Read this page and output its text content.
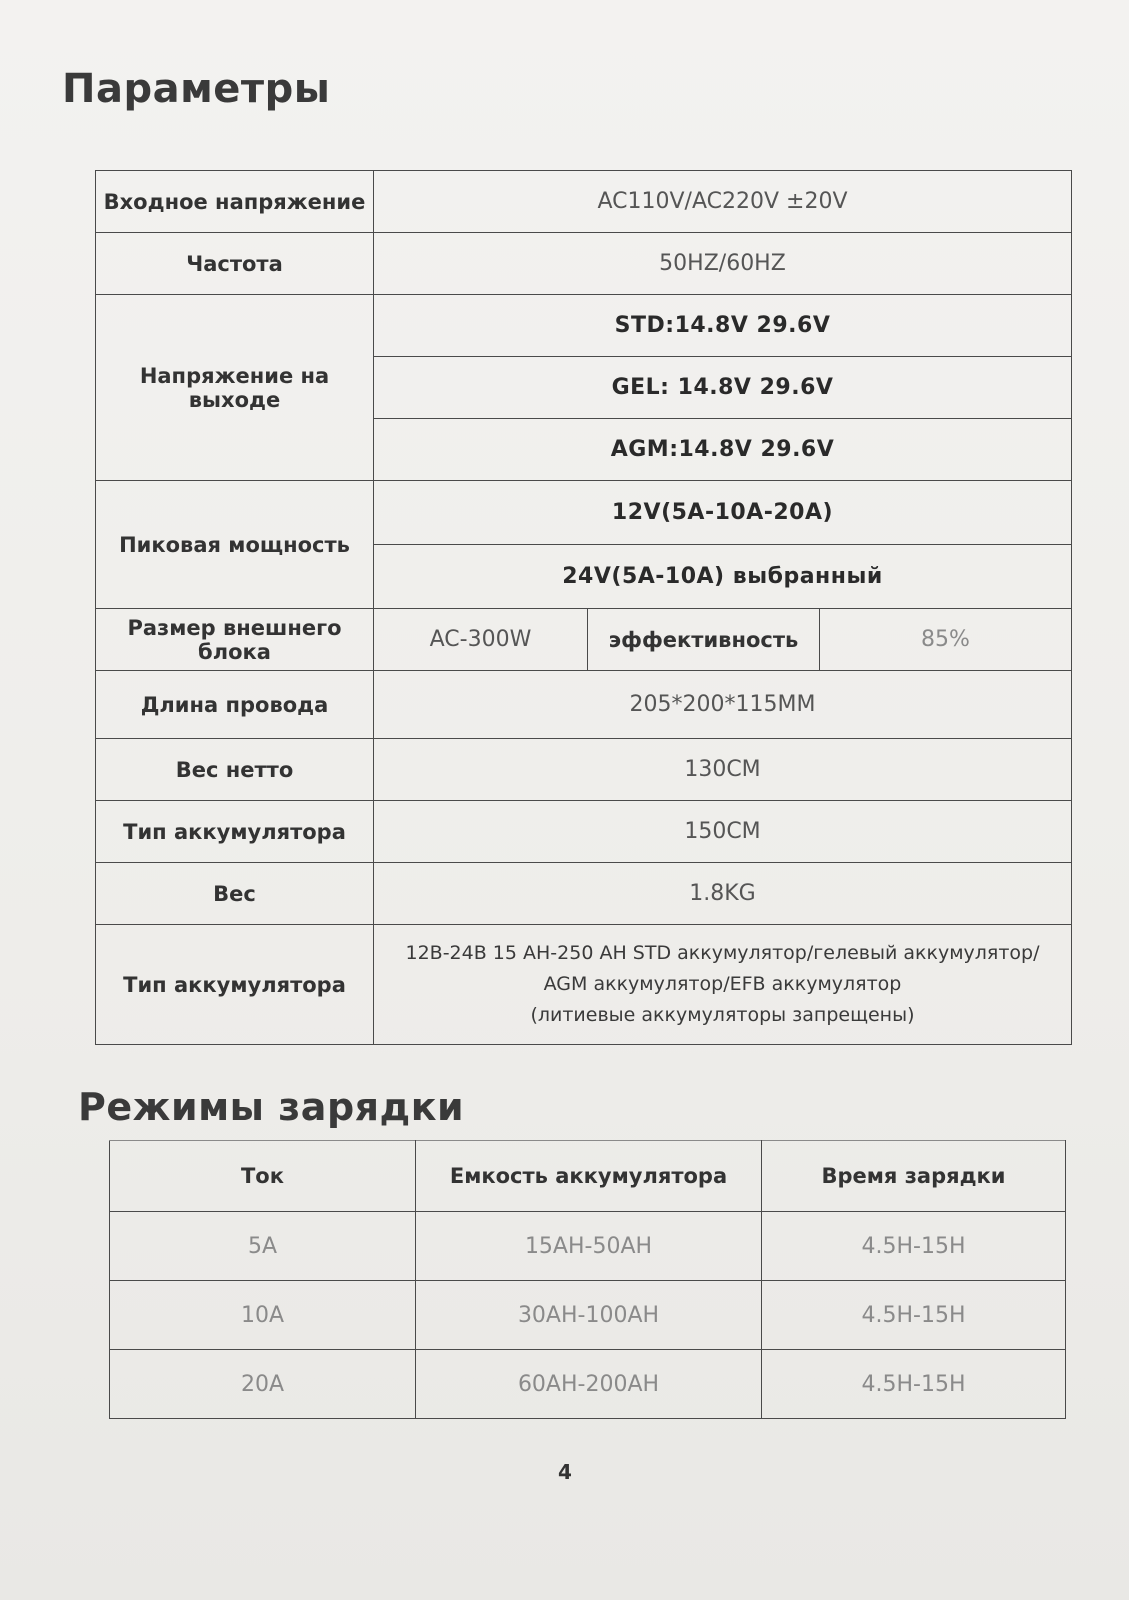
Параметры
Входное напряжение	AC110V/AC220V ±20V		
Частота	50HZ/60HZ		
Напряжение на выходе	STD:14.8V 29.6V		
	GEL: 14.8V 29.6V		
	AGM:14.8V 29.6V		
Пиковая мощность	12V(5A-10A-20A)		
	24V(5A-10A) выбранный		
Размер внешнего блока	AC-300W	эффективность	85%
Длина провода	205*200*115MM		
Вес нетто	130CM		
Тип аккумулятора	150CM		
Вес	1.8KG		
Тип аккумулятора	12В-24В 15 АН-250 АН STD аккумулятор/гелевый аккумулятор/
AGM аккумулятор/EFB аккумулятор
(литиевые аккумуляторы запрещены)		
Режимы зарядки
Ток	Емкость аккумулятора	Время зарядки
5A	15AH-50AH	4.5H-15H
10A	30AH-100AH	4.5H-15H
20A	60AH-200AH	4.5H-15H
4
